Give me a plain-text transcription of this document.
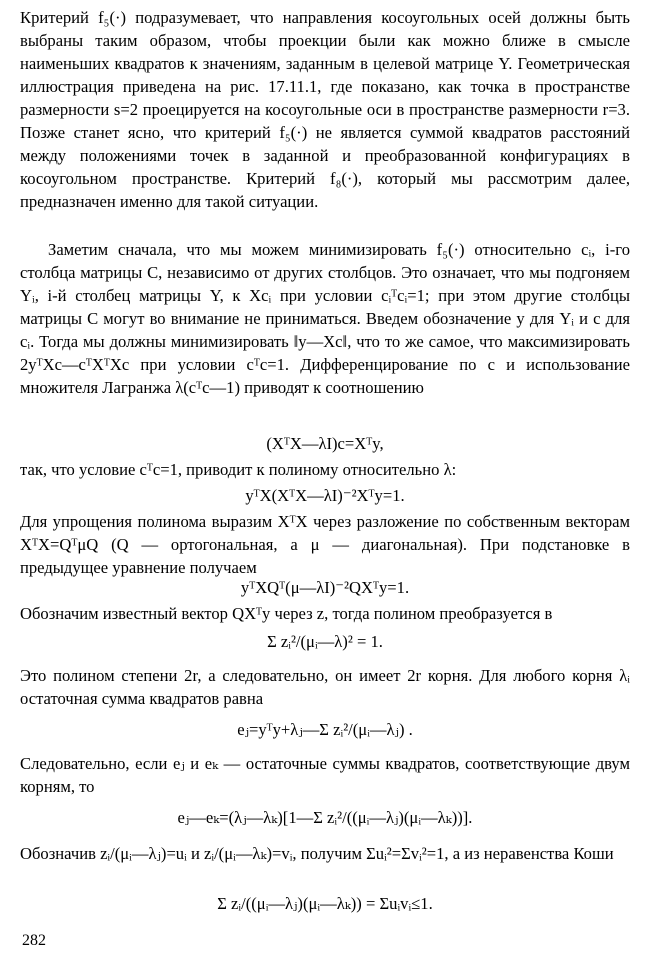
Критерий f₅(·) подразумевает, что направления косоугольных осей должны быть выбраны таким образом, чтобы проекции были как можно ближе в смысле наименьших квадратов к значениям, заданным в целевой матрице Y. Геометрическая иллюстрация приведена на рис. 17.11.1, где показано, как точка в пространстве размерности s=2 проецируется на косоугольные оси в пространстве размерности r=3. Позже станет ясно, что критерий f₅(·) не является суммой квадратов расстояний между положениями точек в заданной и преобразованной конфигурациях в косоугольном пространстве. Критерий f₈(·), который мы рассмотрим далее, предназначен именно для такой ситуации.

Заметим сначала, что мы можем минимизировать f₅(·) относительно cᵢ, i-го столбца матрицы C, независимо от других столбцов. Это означает, что мы подгоняем Yᵢ, i-й столбец матрицы Y, к Xcᵢ при условии cᵢᵀcᵢ=1; при этом другие столбцы матрицы C могут во внимание не приниматься. Введем обозначение y для Yᵢ и c для cᵢ. Тогда мы должны минимизировать ‖y—Xc‖, что то же самое, что максимизировать 2yᵀXc—cᵀXᵀXc при условии cᵀc=1. Дифференцирование по c и использование множителя Лагранжа λ(cᵀc—1) приводят к соотношению

(XᵀX—λI)c=Xᵀy,

так, что условие cᵀc=1, приводит к полиному относительно λ:

yᵀX(XᵀX—λI)⁻²Xᵀy=1.

Для упрощения полинома выразим XᵀX через разложение по собственным векторам XᵀX=QᵀμQ (Q — ортогональная, a μ — диагональная). При подстановке в предыдущее уравнение получаем

yᵀXQᵀ(μ—λI)⁻²QXᵀy=1.

Обозначим известный вектор QXᵀy через z, тогда полином преобразуется в

Σ zᵢ²/(μᵢ—λ)² = 1.

Это полином степени 2r, а следовательно, он имеет 2r корня. Для любого корня λᵢ остаточная сумма квадратов равна

eⱼ=yᵀy+λⱼ—Σ zᵢ²/(μᵢ—λⱼ) .

Следовательно, если eⱼ и eₖ — остаточные суммы квадратов, соответствующие двум корням, то

eⱼ—eₖ=(λⱼ—λₖ)[1—Σ zᵢ²/((μᵢ—λⱼ)(μᵢ—λₖ))].

Обозначив zᵢ/(μᵢ—λⱼ)=uᵢ и zᵢ/(μᵢ—λₖ)=vᵢ, получим Σuᵢ²=Σvᵢ²=1, а из неравенства Коши

Σ zᵢ/((μᵢ—λⱼ)(μᵢ—λₖ)) = Σuᵢvᵢ≤1.

282
